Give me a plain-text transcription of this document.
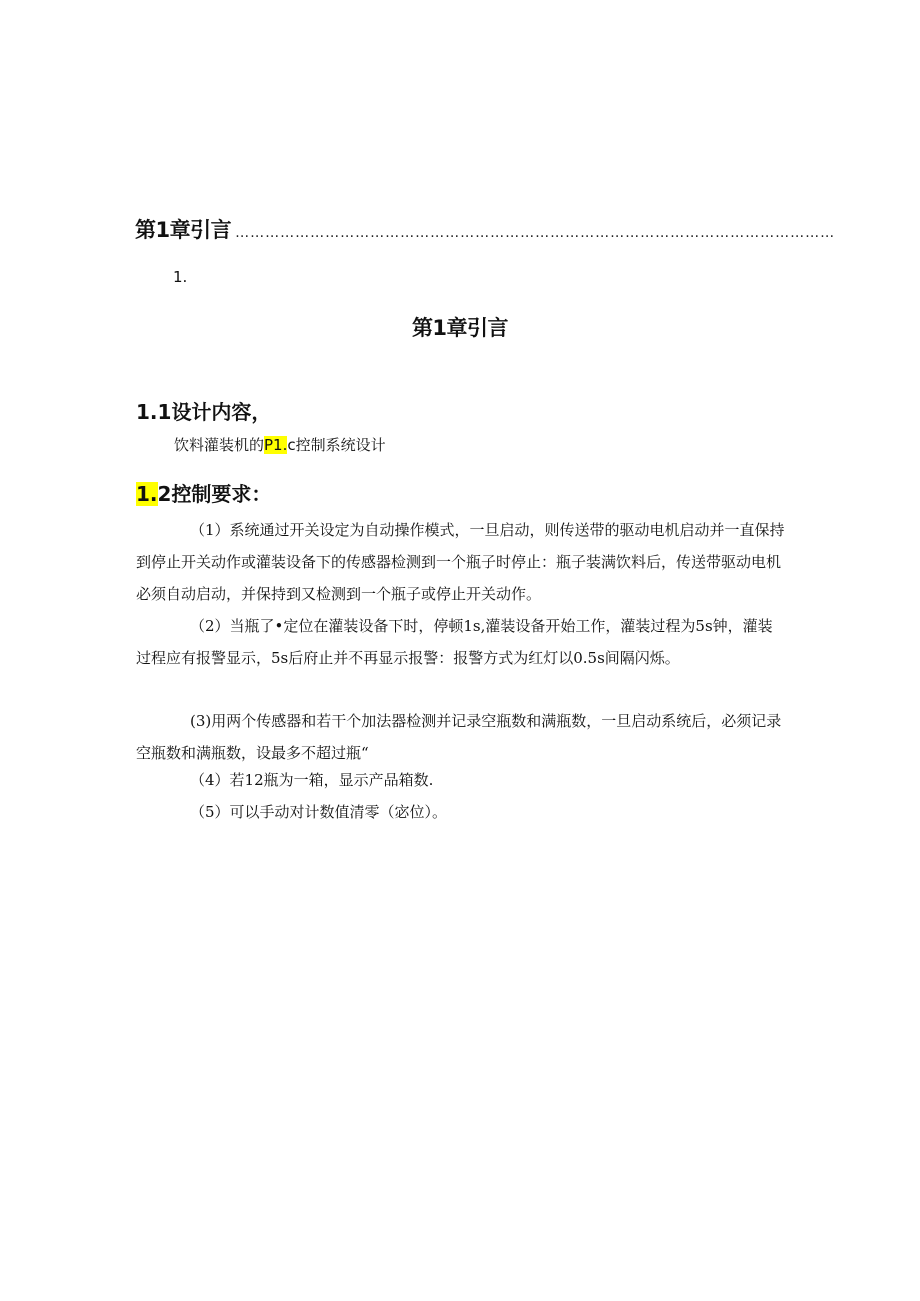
第1章引言 …………………………………………………………………………………………………………
1.
第1章引言
1.1设计内容，
饮料灌装机的P1.c控制系统设计
1.2控制要求：
（1）系统通过开关设定为自动操作模式，一旦启动，则传送带的驱动电机启动并一直保持到停止开关动作或灌装设备下的传感器检测到一个瓶子时停止：瓶子装满饮料后，传送带驱动电机必须自动启动，并保持到又检测到一个瓶子或停止开关动作。
（2）当瓶了•定位在灌装设备下时，停顿1s,灌装设备开始工作，灌装过程为5s钟，灌装过程应有报警显示，5s后府止并不再显示报警：报警方式为红灯以0.5s间隔闪烁。
(3)用两个传感器和若干个加法器检测并记录空瓶数和满瓶数，一旦启动系统后，必须记录空瓶数和满瓶数，设最多不超过瓶“
（4）若12瓶为一箱，显示产品箱数.
（5）可以手动对计数值清零（宓位）。
